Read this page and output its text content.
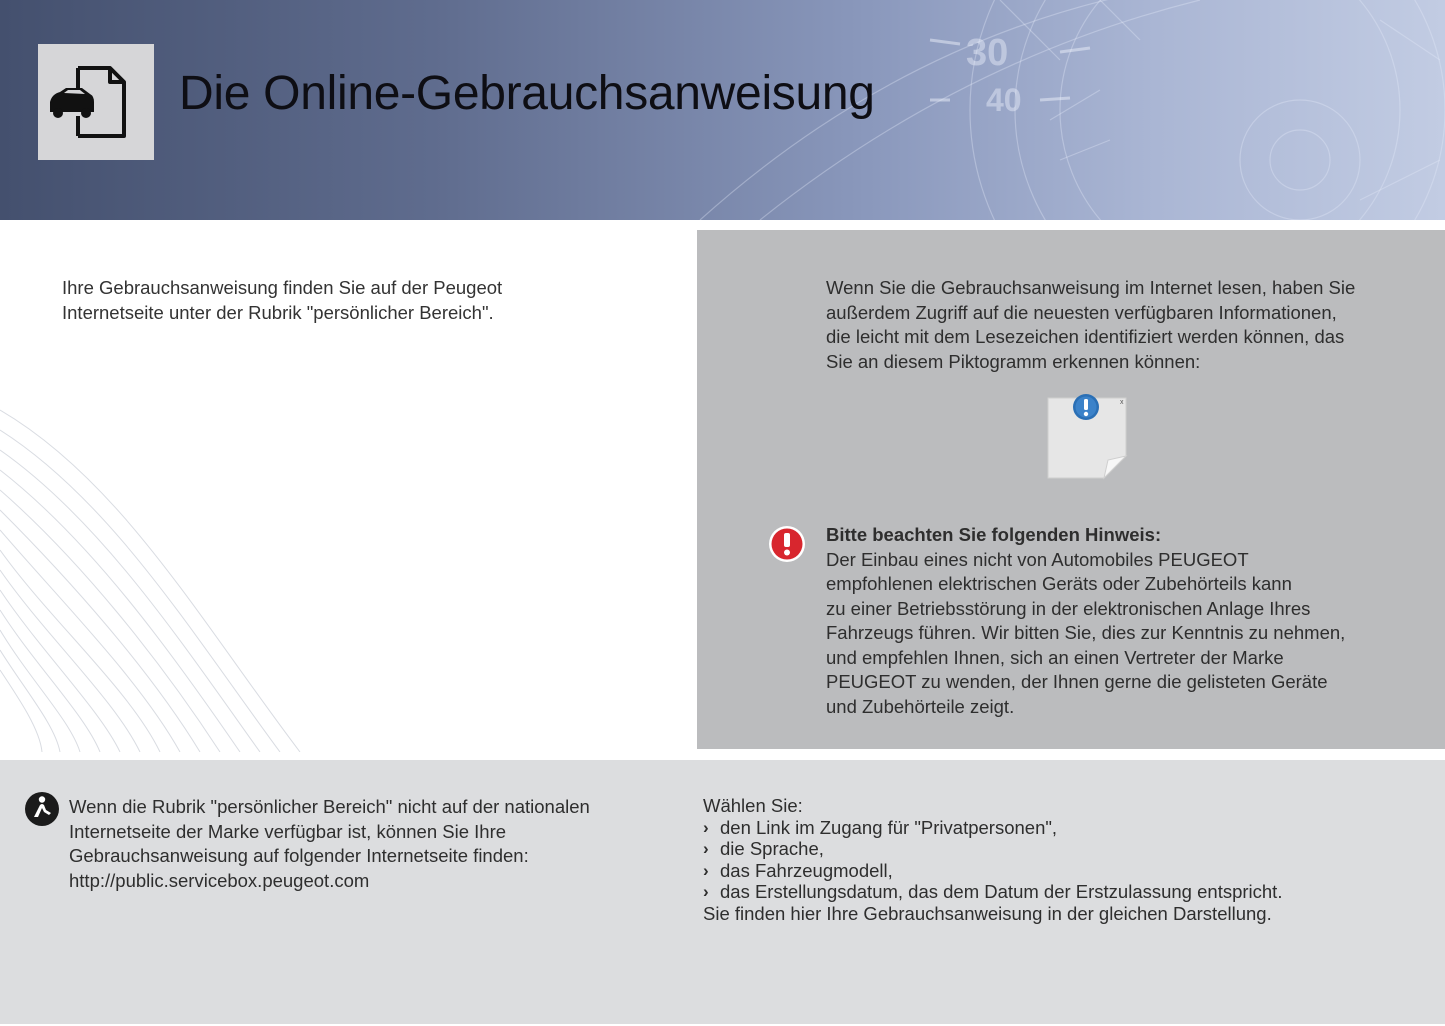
30
40
Die Online-Gebrauchsanweisung
Ihre Gebrauchsanweisung finden Sie auf der Peugeot
Internetseite unter der Rubrik "persönlicher Bereich".
Wenn Sie die Gebrauchsanweisung im Internet lesen, haben Sie
außerdem Zugriff auf die neuesten verfügbaren Informationen,
die leicht mit dem Lesezeichen identifiziert werden können, das
Sie an diesem Piktogramm erkennen können:
x
Bitte beachten Sie folgenden Hinweis:
Der Einbau eines nicht von Automobiles PEUGEOT
empfohlenen elektrischen Geräts oder Zubehörteils kann
zu einer Betriebsstörung in der elektronischen Anlage Ihres
Fahrzeugs führen. Wir bitten Sie, dies zur Kenntnis zu nehmen,
und empfehlen Ihnen, sich an einen Vertreter der Marke
PEUGEOT zu wenden, der Ihnen gerne die gelisteten Geräte
und Zubehörteile zeigt.
Wenn die Rubrik "persönlicher Bereich" nicht auf der nationalen
Internetseite der Marke verfügbar ist, können Sie Ihre
Gebrauchsanweisung auf folgender Internetseite finden:
http://public.servicebox.peugeot.com
Wählen Sie:
› den Link im Zugang für "Privatpersonen",
› die Sprache,
› das Fahrzeugmodell,
› das Erstellungsdatum, das dem Datum der Erstzulassung entspricht.
Sie finden hier Ihre Gebrauchsanweisung in der gleichen Darstellung.
